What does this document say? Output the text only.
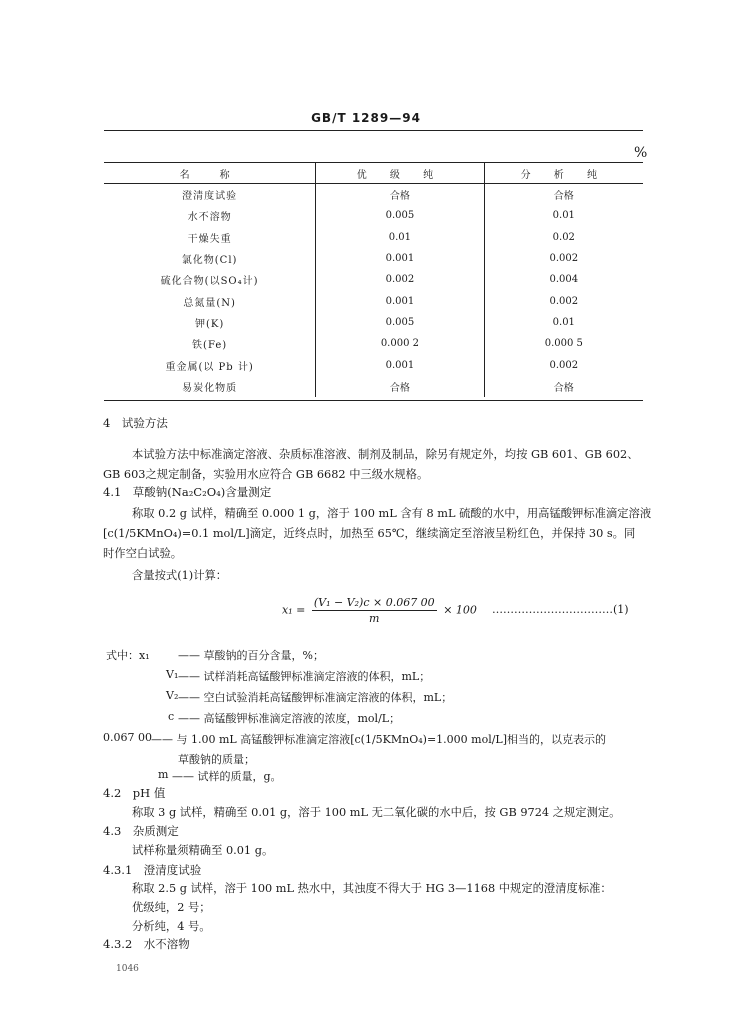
GB/T 1289—94
%
名　称	优 级 纯	分 析 纯
澄清度试验	合格	合格
水不溶物	0.005	0.01
干燥失重	0.01	0.02
氯化物(Cl)	0.001	0.002
硫化合物(以SO₄计)	0.002	0.004
总氮量(N)	0.001	0.002
钾(K)	0.005	0.01
铁(Fe)	0.000 2	0.000 5
重金属(以 Pb 计)	0.001	0.002
易炭化物质	合格	合格
4　试验方法
本试验方法中标准滴定溶液、杂质标准溶液、制剂及制品，除另有规定外，均按 GB 601、GB 602、
GB 603之规定制备，实验用水应符合 GB 6682 中三级水规格。
4.1　草酸钠(Na₂C₂O₄)含量测定
称取 0.2 g 试样，精确至 0.000 1 g，溶于 100 mL 含有 8 mL 硫酸的水中，用高锰酸钾标准滴定溶液
[c(1/5KMnO₄)=0.1 mol/L]滴定，近终点时，加热至 65℃，继续滴定至溶液呈粉红色，并保持 30 s。同
时作空白试验。
含量按式(1)计算：
$x_1 = \frac{\text{(V₁ − V₂)c × 0.067 00}}{m} \times 100$ ……………………………(1)
式中：x₁	—— 草酸钠的百分含量，%；
V₁ —— 试样消耗高锰酸钾标准滴定溶液的体积，mL；
V₂ —— 空白试验消耗高锰酸钾标准滴定溶液的体积，mL；
c —— 高锰酸钾标准滴定溶液的浓度，mol/L；
0.067 00 —— 与 1.00 mL 高锰酸钾标准滴定溶液[c(1/5KMnO₄)=1.000 mol/L]相当的，以克表示的
草酸钠的质量；
m —— 试样的质量，g。
4.2　pH 值
称取 3 g 试样，精确至 0.01 g，溶于 100 mL 无二氧化碳的水中后，按 GB 9724 之规定测定。
4.3　杂质测定
试样称量须精确至 0.01 g。
4.3.1　澄清度试验
称取 2.5 g 试样，溶于 100 mL 热水中，其浊度不得大于 HG 3—1168 中规定的澄清度标准：
优级纯，2 号；
分析纯，4 号。
4.3.2　水不溶物
1046
